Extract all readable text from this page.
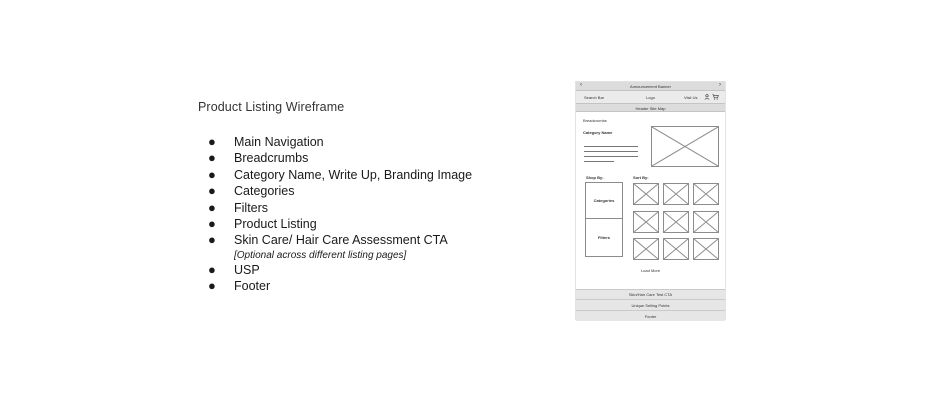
Product Listing Wireframe
● Main Navigation
● Breadcrumbs
● Category Name, Write Up, Branding Image
● Categories
● Filters
● Product Listing
● Skin Care/ Hair Care Assessment CTA
[Optional across different listing pages]
● USP
● Footer
‹	Announcement Banner	›
Search Bar	Logo	Visit Us
Header Site Map
Breadcrumbs
Category Name
Shop By:	Sort By:
Categories
Filters
Load More
Skin/Hair Care Test CTA
Unique Selling Points
Footer
